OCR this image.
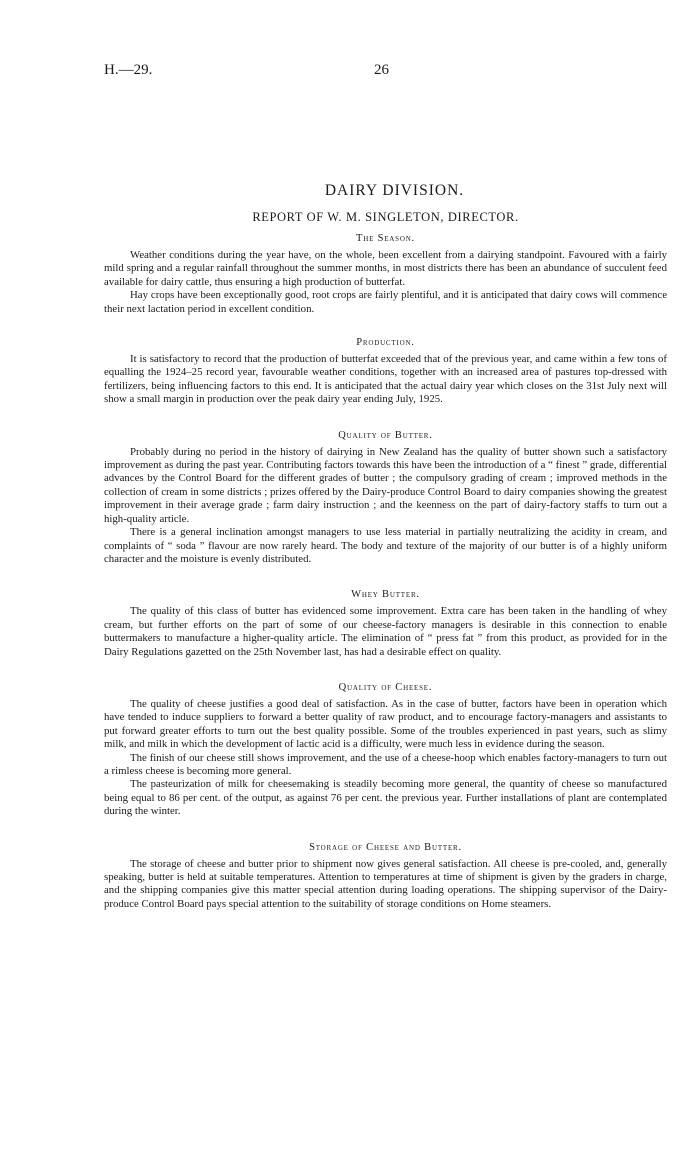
H.—29.	26
DAIRY DIVISION.
REPORT OF W. M. SINGLETON, DIRECTOR.
The Season.

Weather conditions during the year have, on the whole, been excellent from a dairying standpoint. Favoured with a fairly mild spring and a regular rainfall throughout the summer months, in most districts there has been an abundance of succulent feed available for dairy cattle, thus ensuring a high production of butterfat.

Hay crops have been exceptionally good, root crops are fairly plentiful, and it is anticipated that dairy cows will commence their next lactation period in excellent condition.

Production.

It is satisfactory to record that the production of butterfat exceeded that of the previous year, and came within a few tons of equalling the 1924–25 record year, favourable weather conditions, together with an increased area of pastures top-dressed with fertilizers, being influencing factors to this end. It is anticipated that the actual dairy year which closes on the 31st July next will show a small margin in production over the peak dairy year ending July, 1925.

Quality of Butter.

Probably during no period in the history of dairying in New Zealand has the quality of butter shown such a satisfactory improvement as during the past year. Contributing factors towards this have been the introduction of a “ finest ” grade, differential advances by the Control Board for the different grades of butter ; the compulsory grading of cream ; improved methods in the collection of cream in some districts ; prizes offered by the Dairy-produce Control Board to dairy companies showing the greatest improvement in their average grade ; farm dairy instruction ; and the keenness on the part of dairy-factory staffs to turn out a high-quality article.

There is a general inclination amongst managers to use less material in partially neutralizing the acidity in cream, and complaints of “ soda ” flavour are now rarely heard. The body and texture of the majority of our butter is of a highly uniform character and the moisture is evenly distributed.

Whey Butter.

The quality of this class of butter has evidenced some improvement. Extra care has been taken in the handling of whey cream, but further efforts on the part of some of our cheese-factory managers is desirable in this connection to enable buttermakers to manufacture a higher-quality article. The elimination of “ press fat ” from this product, as provided for in the Dairy Regulations gazetted on the 25th November last, has had a desirable effect on quality.

Quality of Cheese.

The quality of cheese justifies a good deal of satisfaction. As in the case of butter, factors have been in operation which have tended to induce suppliers to forward a better quality of raw product, and to encourage factory-managers and assistants to put forward greater efforts to turn out the best quality possible. Some of the troubles experienced in past years, such as slimy milk, and milk in which the development of lactic acid is a difficulty, were much less in evidence during the season.

The finish of our cheese still shows improvement, and the use of a cheese-hoop which enables factory-managers to turn out a rimless cheese is becoming more general.

The pasteurization of milk for cheesemaking is steadily becoming more general, the quantity of cheese so manufactured being equal to 86 per cent. of the output, as against 76 per cent. the previous year. Further installations of plant are contemplated during the winter.

Storage of Cheese and Butter.

The storage of cheese and butter prior to shipment now gives general satisfaction. All cheese is pre-cooled, and, generally speaking, butter is held at suitable temperatures. Attention to temperatures at time of shipment is given by the graders in charge, and the shipping companies give this matter special attention during loading operations. The shipping supervisor of the Dairy-produce Control Board pays special attention to the suitability of storage conditions on Home steamers.
